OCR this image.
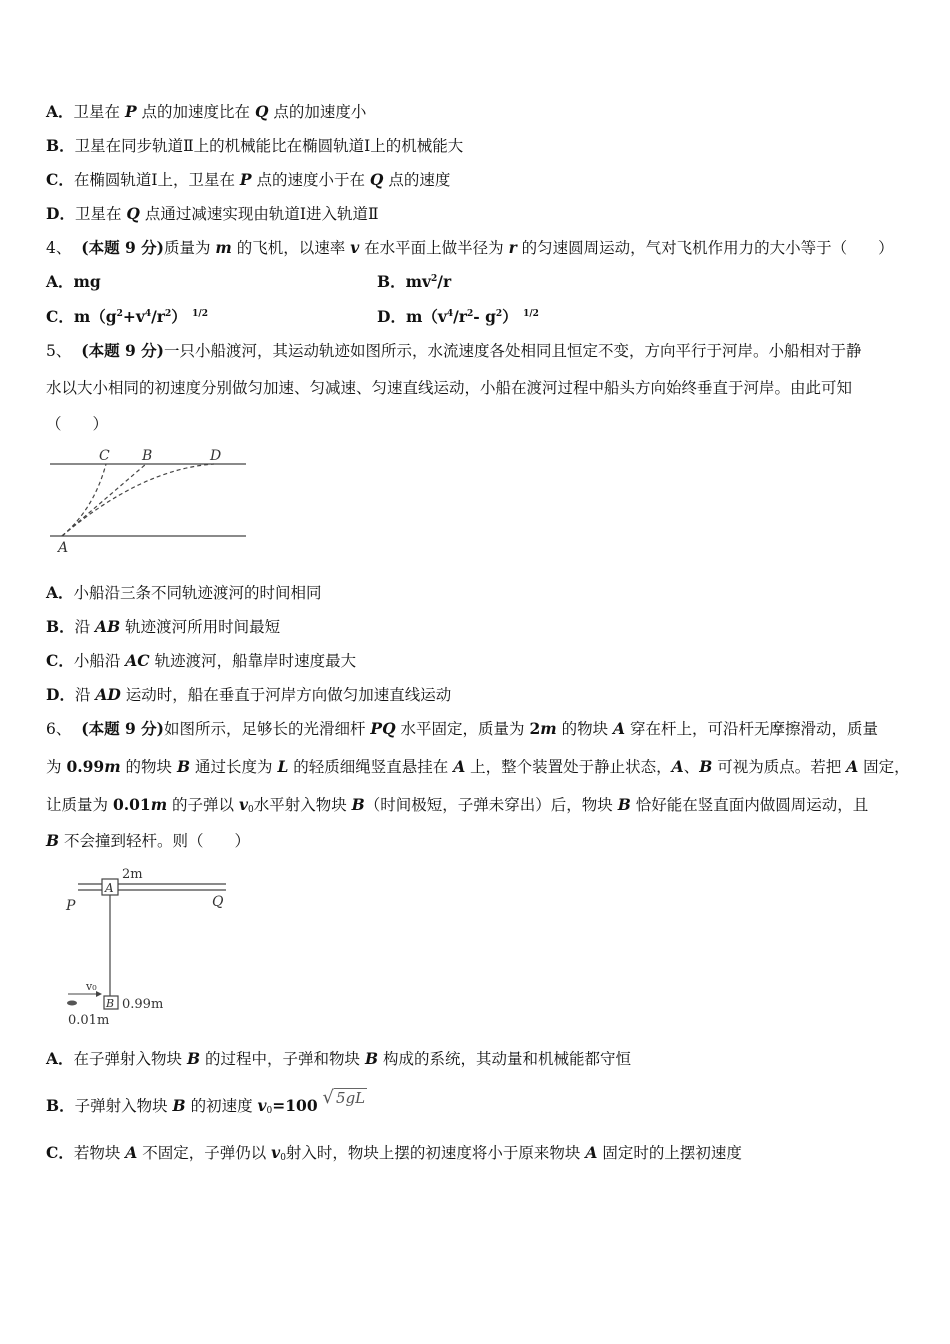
A．卫星在 P 点的加速度比在 Q 点的加速度小
B．卫星在同步轨道Ⅱ上的机械能比在椭圆轨道Ⅰ上的机械能大
C．在椭圆轨道Ⅰ上，卫星在 P 点的速度小于在 Q 点的速度
D．卫星在 Q 点通过减速实现由轨道Ⅰ进入轨道Ⅱ
4、 (本题 9 分)质量为 m 的飞机，以速率 v 在水平面上做半径为 r 的匀速圆周运动，气对飞机作用力的大小等于（　　）
A．mg	B．$mv^2/r$
C．$m(g^2+v^4/r^2)$ $^{1/2}$	D．$m(v^4/r^2-$ $g^2$） $^{1/2}$
5、 (本题 9 分)一只小船渡河，其运动轨迹如图所示，水流速度各处相同且恒定不变，方向平行于河岸。小船相对于静
水以大小相同的初速度分别做匀加速、匀减速、匀速直线运动，小船在渡河过程中船头方向始终垂直于河岸。由此可知
（　　）
C B	D
A
A．小船沿三条不同轨迹渡河的时间相同
B．沿 AB 轨迹渡河所用时间最短
C．小船沿 AC 轨迹渡河，船靠岸时速度最大
D．沿 AD 运动时，船在垂直于河岸方向做匀加速直线运动
6、 (本题 9 分)如图所示，足够长的光滑细杆 PQ 水平固定，质量为 2m 的物块 A 穿在杆上，可沿杆无摩擦滑动，质量
为 0.99m 的物块 B 通过长度为 L 的轻质细绳竖直悬挂在 A 上，整个装置处于静止状态，A、B 可视为质点。若把 A 固定，
让质量为 0.01m 的子弹以 $v_0$水平射入物块 B（时间极短，子弹未穿出）后，物块 B 恰好能在竖直面内做圆周运动，且
B 不会撞到轻杆。则（　　）
A
2m
P	Q
B 0.99m
v₀
0.01m
A．在子弹射入物块 B 的过程中，子弹和物块 B 构成的系统，其动量和机械能都守恒
B．子弹射入物块 B 的初速度 $v_0=100$ √ 5gL
C．若物块 A 不固定，子弹仍以 $v_0$射入时，物块上摆的初速度将小于原来物块 A 固定时的上摆初速度
